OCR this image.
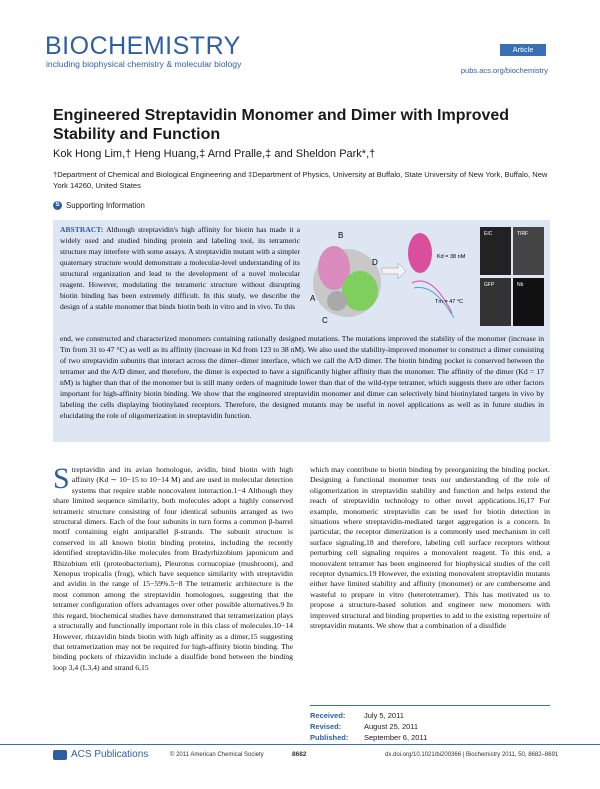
BIOCHEMISTRY
including biophysical chemistry & molecular biology
Article
pubs.acs.org/biochemistry
Engineered Streptavidin Monomer and Dimer with Improved Stability and Function
Kok Hong Lim,† Heng Huang,‡ Arnd Pralle,‡ and Sheldon Park*,†
†Department of Chemical and Biological Engineering and ‡Department of Physics, University at Buffalo, State University of New York, Buffalo, New York 14260, United States
S Supporting Information
ABSTRACT: Although streptavidin's high affinity for biotin has made it a widely used and studied binding protein and labeling tool, its tetrameric structure may interfere with some assays. A streptavidin mutant with a simpler quaternary structure would demonstrate a molecular-level understanding of its structural organization and lead to the development of a novel molecular reagent. However, modulating the tetrameric structure without disrupting biotin binding has been extremely difficult. In this study, we describe the design of a stable monomer that binds biotin both in vitro and in vivo. To this
B
D
A
C
Kd = 38 nM
Tm = 47 °C
EIC	TIRF
GFP	Nb
end, we constructed and characterized monomers containing rationally designed mutations. The mutations improved the stability of the monomer (increase in Tm from 31 to 47 °C) as well as its affinity (increase in Kd from 123 to 38 nM). We also used the stability-improved monomer to construct a dimer consisting of two streptavidin subunits that interact across the dimer–dimer interface, which we call the A/D dimer. The biotin binding pocket is conserved between the tetramer and the A/D dimer, and therefore, the dimer is expected to have a significantly higher affinity than the monomer. The affinity of the dimer (Kd = 17 nM) is higher than that of the monomer but is still many orders of magnitude lower than that of the wild-type tetramer, which suggests there are other factors important for high-affinity biotin binding. We show that the engineered streptavidin monomer and dimer can selectively bind biotinylated targets in vivo by labeling the cells displaying biotinylated receptors. Therefore, the designed mutants may be useful in novel applications as well as in future studies in elucidating the role of oligomerization in streptavidin function.
Streptavidin and its avian homologue, avidin, bind biotin with high affinity (Kd ∼ 10−15 to 10−14 M) and are used in molecular detection systems that require stable noncovalent interaction.1−4 Although they share limited sequence similarity, both molecules adopt a highly conserved tetrameric structure consisting of four identical subunits arranged as two structural dimers. Each of the four subunits in turn forms a common β-barrel motif containing eight antiparallel β-strands. The subunit structure is conserved in all known biotin binding proteins, including the recently identified streptavidin-like molecules from Bradyrhizobium japonicum and Rhizobium etli (proteobacterium), Pleurotus cornucopiae (mushroom), and Xenopus tropicalis (frog), which have sequence similarity with streptavidin and avidin in the range of 15−59%.5−8 The tetrameric architecture is the most common among the streptavidin homologues, suggesting that the tetramer configuration offers advantages over other possible alternatives.9 In this regard, biochemical studies have demonstrated that tetramerization plays a structurally and functionally important role in this class of molecules.10−14 However, rhizavidin binds biotin with high affinity as a dimer,15 suggesting that tetramerization may not be required for high-affinity biotin binding. The binding pockets of rhizavidin include a disulfide bond between the binding loop 3,4 (L3,4) and strand 6,15
which may contribute to biotin binding by preorganizing the binding pocket. Designing a functional monomer tests our understanding of the role of oligomerization in streptavidin stability and function and helps extend the reach of streptavidin technology to other novel applications.16,17 For example, monomeric streptavidin can be used for biotin detection in situations where streptavidin-mediated target aggregation is a concern. In particular, the receptor dimerization is a commonly used mechanism in cell surface signaling,18 and therefore, labeling cell surface receptors without perturbing cell signaling requires a monovalent reagent. To this end, a monovalent tetramer has been engineered for biophysical studies of the cell receptor dynamics.19 However, the existing monovalent streptavidin mutants either have limited stability and affinity (monomer) or are cumbersome and wasteful to prepare in vitro (heterotetramer). This has motivated us to propose a structure-based solution and engineer new monomers with improved structural and binding properties to add to the existing repertoire of streptavidin mutants. We show that a combination of a disulfide
Received: July 5, 2011
Revised:	August 25, 2011
Published: September 6, 2011
ACS Publications	© 2011 American Chemical Society	8682	dx.doi.org/10.1021/bi200366 | Biochemistry 2011, 50, 8682–8691
